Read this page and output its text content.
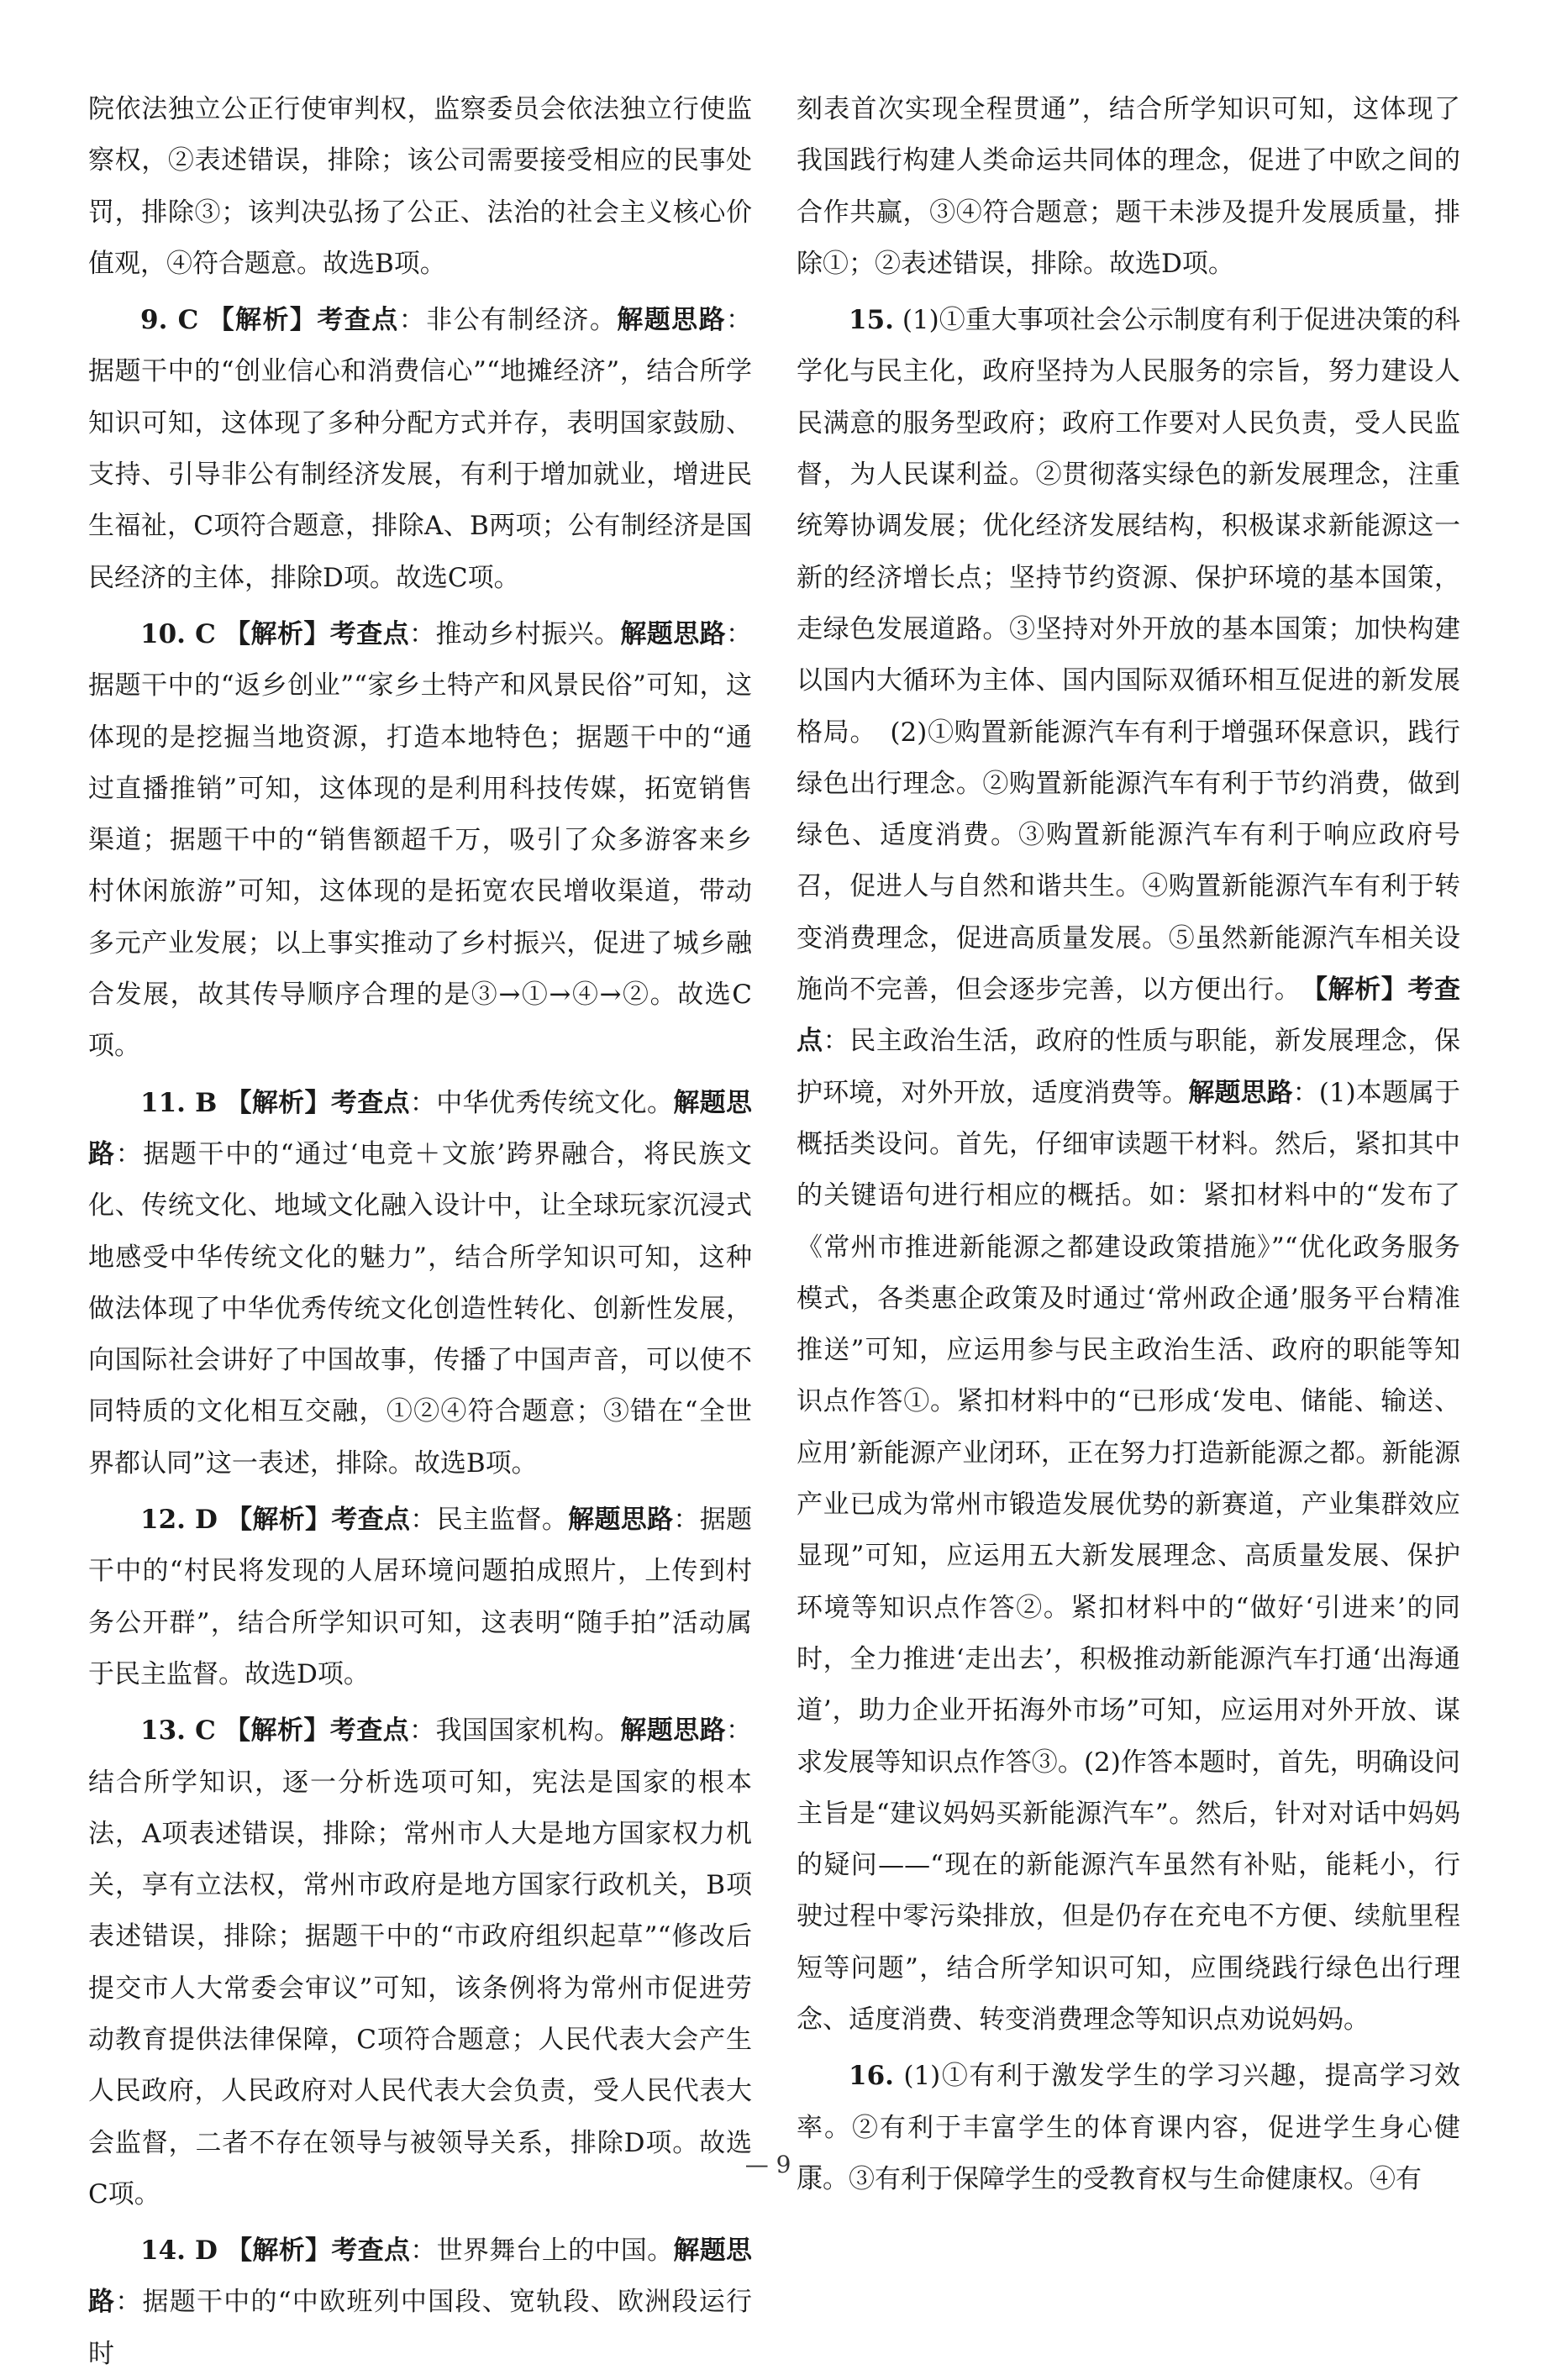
院依法独立公正行使审判权，监察委员会依法独立行使监察权，②表述错误，排除；该公司需要接受相应的民事处罚，排除③；该判决弘扬了公正、法治的社会主义核心价值观，④符合题意。故选B项。

9. C 【解析】考查点：非公有制经济。解题思路：据题干中的“创业信心和消费信心”“地摊经济”，结合所学知识可知，这体现了多种分配方式并存，表明国家鼓励、支持、引导非公有制经济发展，有利于增加就业，增进民生福祉，C项符合题意，排除A、B两项；公有制经济是国民经济的主体，排除D项。故选C项。

10. C 【解析】考查点：推动乡村振兴。解题思路：据题干中的“返乡创业”“家乡土特产和风景民俗”可知，这体现的是挖掘当地资源，打造本地特色；据题干中的“通过直播推销”可知，这体现的是利用科技传媒，拓宽销售渠道；据题干中的“销售额超千万，吸引了众多游客来乡村休闲旅游”可知，这体现的是拓宽农民增收渠道，带动多元产业发展；以上事实推动了乡村振兴，促进了城乡融合发展，故其传导顺序合理的是③→①→④→②。故选C项。

11. B 【解析】考查点：中华优秀传统文化。解题思路：据题干中的“通过‘电竞＋文旅’跨界融合，将民族文化、传统文化、地域文化融入设计中，让全球玩家沉浸式地感受中华传统文化的魅力”，结合所学知识可知，这种做法体现了中华优秀传统文化创造性转化、创新性发展，向国际社会讲好了中国故事，传播了中国声音，可以使不同特质的文化相互交融，①②④符合题意；③错在“全世界都认同”这一表述，排除。故选B项。

12. D 【解析】考查点：民主监督。解题思路：据题干中的“村民将发现的人居环境问题拍成照片，上传到村务公开群”，结合所学知识可知，这表明“随手拍”活动属于民主监督。故选D项。

13. C 【解析】考查点：我国国家机构。解题思路：结合所学知识，逐一分析选项可知，宪法是国家的根本法，A项表述错误，排除；常州市人大是地方国家权力机关，享有立法权，常州市政府是地方国家行政机关，B项表述错误，排除；据题干中的“市政府组织起草”“修改后提交市人大常委会审议”可知，该条例将为常州市促进劳动教育提供法律保障，C项符合题意；人民代表大会产生人民政府，人民政府对人民代表大会负责，受人民代表大会监督，二者不存在领导与被领导关系，排除D项。故选C项。

14. D 【解析】考查点：世界舞台上的中国。解题思路：据题干中的“中欧班列中国段、宽轨段、欧洲段运行时

刻表首次实现全程贯通”，结合所学知识可知，这体现了我国践行构建人类命运共同体的理念，促进了中欧之间的合作共赢，③④符合题意；题干未涉及提升发展质量，排除①；②表述错误，排除。故选D项。

15. (1)①重大事项社会公示制度有利于促进决策的科学化与民主化，政府坚持为人民服务的宗旨，努力建设人民满意的服务型政府；政府工作要对人民负责，受人民监督，为人民谋利益。②贯彻落实绿色的新发展理念，注重统筹协调发展；优化经济发展结构，积极谋求新能源这一新的经济增长点；坚持节约资源、保护环境的基本国策，走绿色发展道路。③坚持对外开放的基本国策；加快构建以国内大循环为主体、国内国际双循环相互促进的新发展格局。　(2)①购置新能源汽车有利于增强环保意识，践行绿色出行理念。②购置新能源汽车有利于节约消费，做到绿色、适度消费。③购置新能源汽车有利于响应政府号召，促进人与自然和谐共生。④购置新能源汽车有利于转变消费理念，促进高质量发展。⑤虽然新能源汽车相关设施尚不完善，但会逐步完善，以方便出行。　【解析】考查点：民主政治生活，政府的性质与职能，新发展理念，保护环境，对外开放，适度消费等。解题思路：(1)本题属于概括类设问。首先，仔细审读题干材料。然后，紧扣其中的关键语句进行相应的概括。如：紧扣材料中的“发布了《常州市推进新能源之都建设政策措施》”“优化政务服务模式，各类惠企政策及时通过‘常州政企通’服务平台精准推送”可知，应运用参与民主政治生活、政府的职能等知识点作答①。紧扣材料中的“已形成‘发电、储能、输送、应用’新能源产业闭环，正在努力打造新能源之都。新能源产业已成为常州市锻造发展优势的新赛道，产业集群效应显现”可知，应运用五大新发展理念、高质量发展、保护环境等知识点作答②。紧扣材料中的“做好‘引进来’的同时，全力推进‘走出去’，积极推动新能源汽车打通‘出海通道’，助力企业开拓海外市场”可知，应运用对外开放、谋求发展等知识点作答③。(2)作答本题时，首先，明确设问主旨是“建议妈妈买新能源汽车”。然后，针对对话中妈妈的疑问——“现在的新能源汽车虽然有补贴，能耗小，行驶过程中零污染排放，但是仍存在充电不方便、续航里程短等问题”，结合所学知识可知，应围绕践行绿色出行理念、适度消费、转变消费理念等知识点劝说妈妈。

16. (1)①有利于激发学生的学习兴趣，提高学习效率。②有利于丰富学生的体育课内容，促进学生身心健康。③有利于保障学生的受教育权与生命健康权。④有

— 9 —
